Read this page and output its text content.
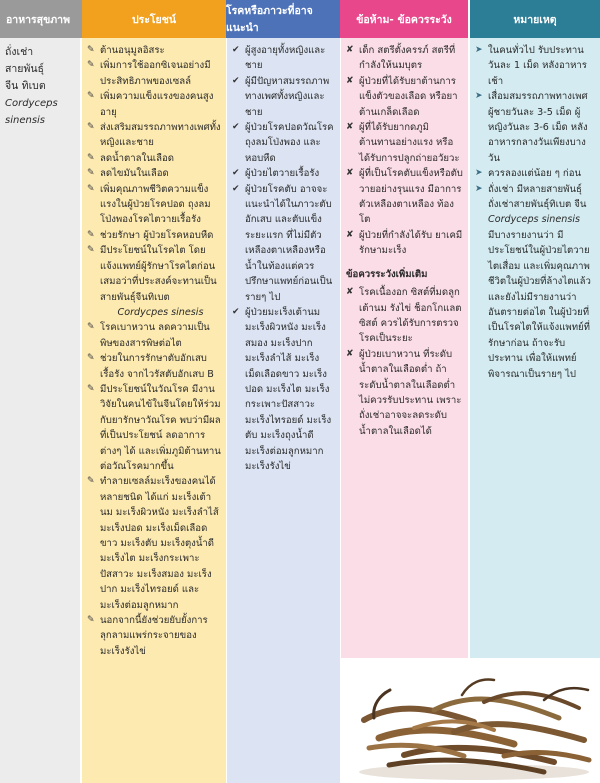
อาหารสุขภาพ	ประโยชน์
โรคหรือภาวะที่อาจแนะนำ
ข้อห้าม- ข้อควรระวัง	หมายเหตุ
ถั่งเช่า
สายพันธุ์
จีน ทิเบต
Cordyceps
sinensis
✎ ต้านอนุมูลอิสระ
✎ เพิ่มการใช้ออกซิเจนอย่างมีประสิทธิภาพของเซลล์
✎ เพิ่มความแข็งแรงของคนสูงอายุ
✎ ส่งเสริมสมรรถภาพทางเพศทั้งหญิงและชาย
✎ ลดน้ำตาลในเลือด
✎ ลดไขมันในเลือด
✎ เพิ่มคุณภาพชีวิตความแข็งแรงในผู้ป่วยโรคปอด ถุงลมโป่งพองโรคไตวายเรื้อรัง
✎ ช่วยรักษา ผู้ป่วยโรคหอบหืด
✎ มีประโยชน์ในโรคไต โดยแจ้งแพทย์ผู้รักษาโรคไตก่อนเสมอว่าที่ประสงค์จะทานเป็นสายพันธุ์จีนทิเบต
Cordycpes sinesis
✎ โรคเบาหวาน ลดความเป็นพิษของสารพิษต่อไต
✎ ช่วยในการรักษาตับอักเสบเรื้อรัง จากไวรัสตับอักเสบ B
✎ มีประโยชน์ในวัณโรค มีงานวิจัยในคนไข้ในจีนโดยให้ร่วมกับยารักษาวัณโรค พบว่ามีผลที่เป็นประโยชน์ ลดอาการต่างๆ ได้ และเพิ่มภูมิต้านทานต่อวัณโรคมากขึ้น
✎ ทำลายเซลล์มะเร็งของคนได้หลายชนิด ได้แก่ มะเร็งเต้านม มะเร็งผิวหนัง มะเร็งลำไส้ มะเร็งปอด มะเร็งเม็ดเลือดขาว มะเร็งตับ มะเร็งตุงน้ำดี มะเร็งไต มะเร็งกระเพาะปัสสาวะ มะเร็งสมอง มะเร็งปาก มะเร็งไทรอยด์ และมะเร็งต่อมลูกหมาก
✎ นอกจากนี้ยังช่วยยับยั้งการลุกลามแพร่กระจายของมะเร็งรังไข่
✔ ผู้สูงอายุทั้งหญิงและชาย
✔ ผู้มีปัญหาสมรรถภาพทางเพศทั้งหญิงและชาย
✔ ผู้ป่วยโรคปอดวัณโรค ถุงลมโป่งพอง และหอบหืด
✔ ผู้ป่วยไตวายเรื้อรัง
✔ ผู้ป่วยโรคตับ อาจจะแนะนำได้ในภาวะตับอักเสบ และตับแข็งระยะแรก ที่ไม่มีตัวเหลืองตาเหลืองหรือน้ำในท้องแต่ควรปรึกษาแพทย์ก่อนเป็นรายๆ ไป
✔ ผู้ป่วยมะเร็งเต้านม มะเร็งผิวหนัง มะเร็งสมอง มะเร็งปาก มะเร็งลำไส้ มะเร็งเม็ดเลือดขาว มะเร็งปอด มะเร็งไต มะเร็งกระเพาะปัสสาวะ มะเร็งไทรอยด์ มะเร็งตับ มะเร็งถุงน้ำดี มะเร็งต่อมลูกหมาก มะเร็งรังไข่
✘ เด็ก สตรีตั้งครรภ์ สตรีที่กำลังให้นมบุตร
✘ ผู้ป่วยที่ได้รับยาต้านการแข็งตัวของเลือด หรือยาต้านเกล็ดเลือด
✘ ผู้ที่ได้รับยากดภูมิต้านทานอย่างแรง หรือได้รับการปลูกถ่ายอวัยวะ
✘ ผู้ที่เป็นโรคตับแข็งหรือตับวายอย่างรุนแรง มีอาการตัวเหลืองตาเหลือง ท้องโต
✘ ผู้ป่วยที่กำลังได้รับ ยาเคมีรักษามะเร็ง
ข้อควรระวังเพิ่มเติม
✘ โรคเนื้องอก ซิสต์ที่มดลูก เต้านม รังไข่ ช็อกโกแลตซิสต์ ควรได้รับการตรวจโรคเป็นระยะ
✘ ผู้ป่วยเบาหวาน ที่ระดับน้ำตาลในเลือดต่ำ ถ้าระดับน้ำตาลในเลือดต่ำไม่ควรรับประทาน เพราะถั่งเช่าอาจจะลดระดับน้ำตาลในเลือดได้
➤ ในคนทั่วไป รับประทานวันละ 1 เม็ด หลังอาหารเช้า
➤ เสื่อมสมรรถภาพทางเพศผู้ชายวันละ 3-5 เม็ด ผู้หญิงวันละ 3-6 เม็ด หลังอาหารกลางวันเพียงบางวัน
➤ ควรลองแต่น้อย ๆ ก่อน
➤ ถั่งเช่า มีหลายสายพันธุ์ ถั่งเช่าสายพันธุ์ทิเบต จีน
Cordyceps sinensis
มีบางรายงานว่า มีประโยชน์ในผู้ป่วยไตวาย ไตเสื่อม และเพิ่มคุณภาพชีวิตในผู้ป่วยที่ล้างไตแล้ว และยังไม่มีรายงานว่า อันตรายต่อไต ในผู้ป่วยที่เป็นโรคไตให้แจ้งแพทย์ที่รักษาก่อน ถ้าจะรับประทาน เพื่อให้แพทย์พิจารณาเป็นรายๆ ไป
